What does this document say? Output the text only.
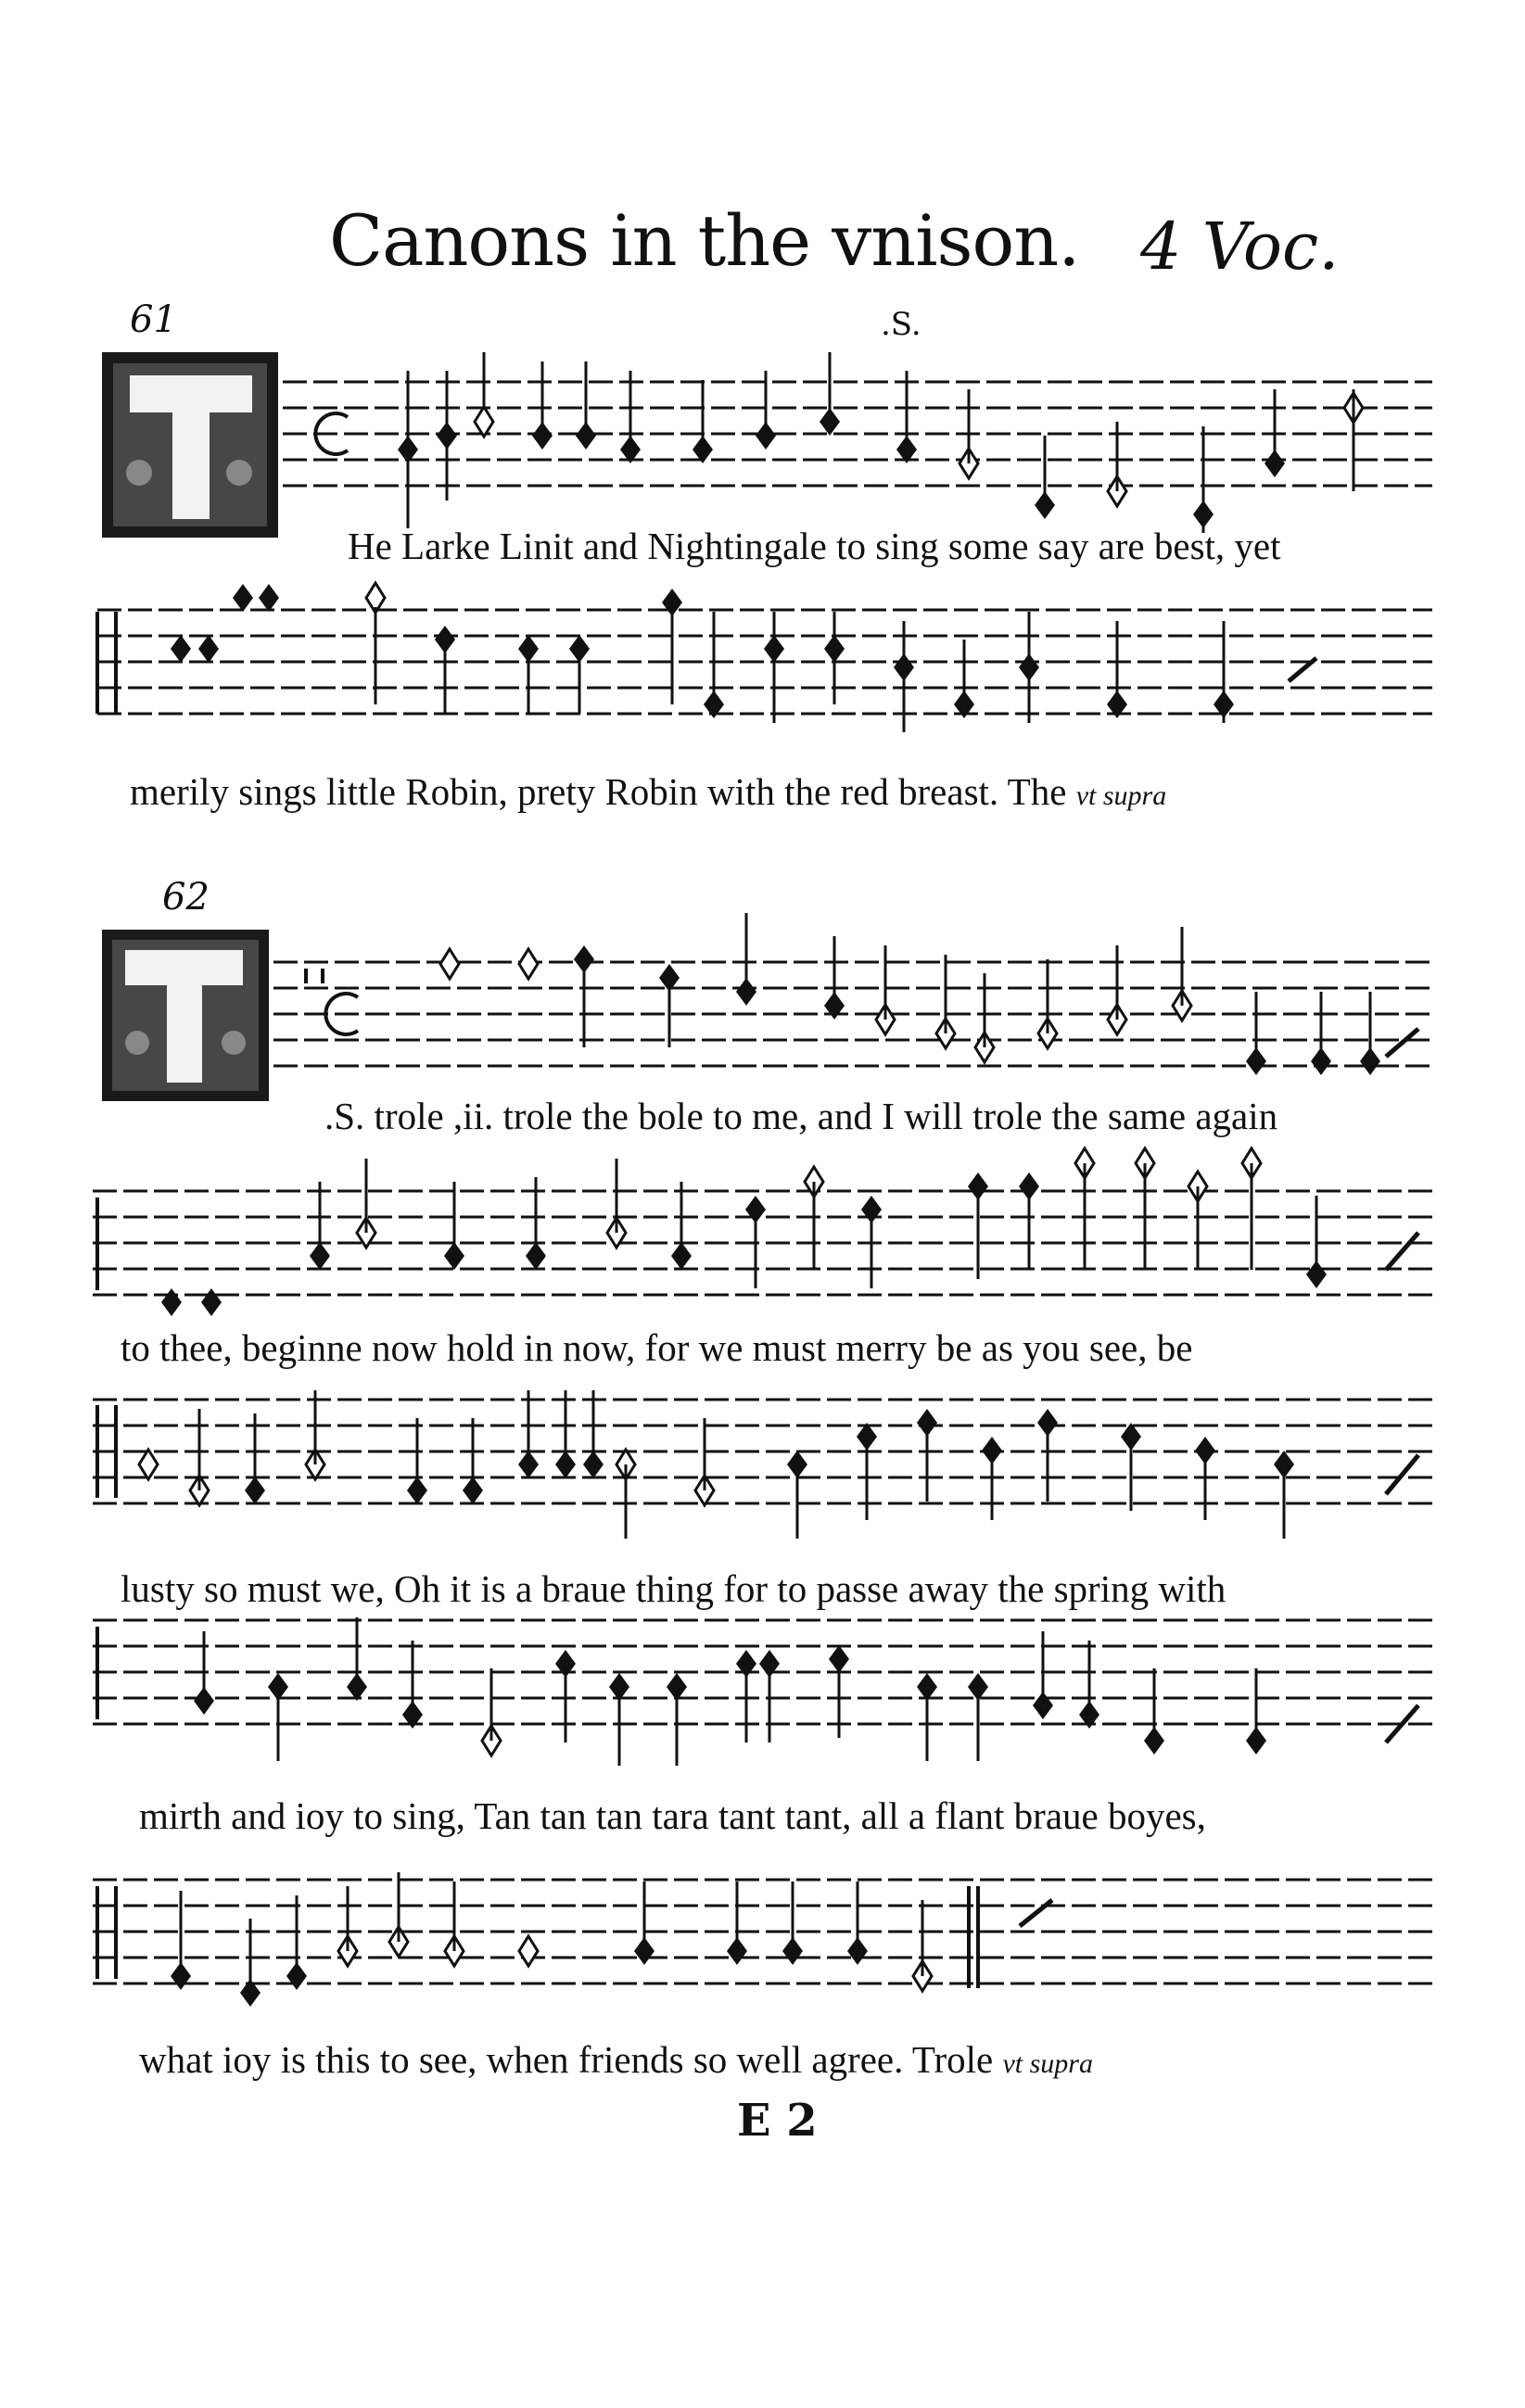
Canons in the vnison. 4 Voc.
61	.S.
He Larke Linit and Nightingale to sing some say are best, yet
merily sings little Robin, prety Robin with the red breast. The vt supra
62
.S. trole ,ii. trole the bole to me, and I will trole the same again
to thee, beginne now hold in now, for we must merry be as you see, be
lusty so must we, Oh it is a braue thing for to passe away the spring with
mirth and ioy to sing, Tan tan tan tara tant tant, all a flant braue boyes,
what ioy is this to see, when friends so well agree. Trole vt supra
E 2
